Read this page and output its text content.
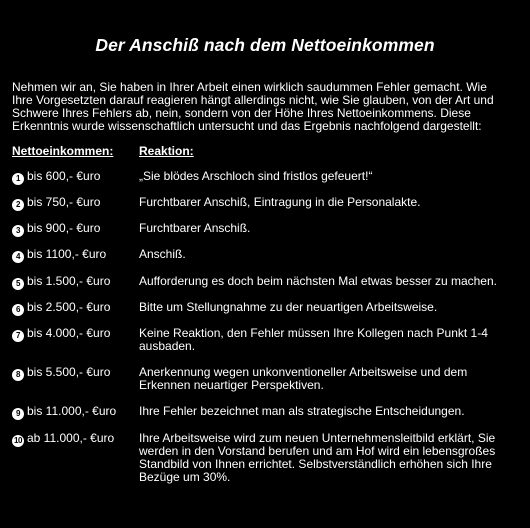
Der Anschiß nach dem Nettoeinkommen
Nehmen wir an, Sie haben in Ihrer Arbeit einen wirklich saudummen Fehler gemacht. Wie
Ihre Vorgesetzten darauf reagieren hängt allerdings nicht, wie Sie glauben, von der Art und
Schwere Ihres Fehlers ab, nein, sondern von der Höhe Ihres Nettoeinkommens. Diese
Erkenntnis wurde wissenschaftlich untersucht und das Ergebnis nachfolgend dargestellt:
Nettoeinkommen: Reaktion:
1 bis 600,- €uro	„Sie blödes Arschloch sind fristlos gefeuert!“
2 bis 750,- €uro	Furchtbarer Anschiß, Eintragung in die Personalakte.
3 bis 900,- €uro	Furchtbarer Anschiß.
4 bis 1100,- €uro	Anschiß.
5 bis 1.500,- €uro Aufforderung es doch beim nächsten Mal etwas besser zu machen.
6 bis 2.500,- €uro Bitte um Stellungnahme zu der neuartigen Arbeitsweise.
7 bis 4.000,- €uro Keine Reaktion, den Fehler müssen Ihre Kollegen nach Punkt 1-4
ausbaden.
8 bis 5.500,- €uro Anerkennung wegen unkonventioneller Arbeitsweise und dem
Erkennen neuartiger Perspektiven.
9 bis 11.000,- €uro Ihre Fehler bezeichnet man als strategische Entscheidungen.
10 ab 11.000,- €uro Ihre Arbeitsweise wird zum neuen Unternehmensleitbild erklärt, Sie
werden in den Vorstand berufen und am Hof wird ein lebensgroßes
Standbild von Ihnen errichtet. Selbstverständlich erhöhen sich Ihre
Bezüge um 30%.
